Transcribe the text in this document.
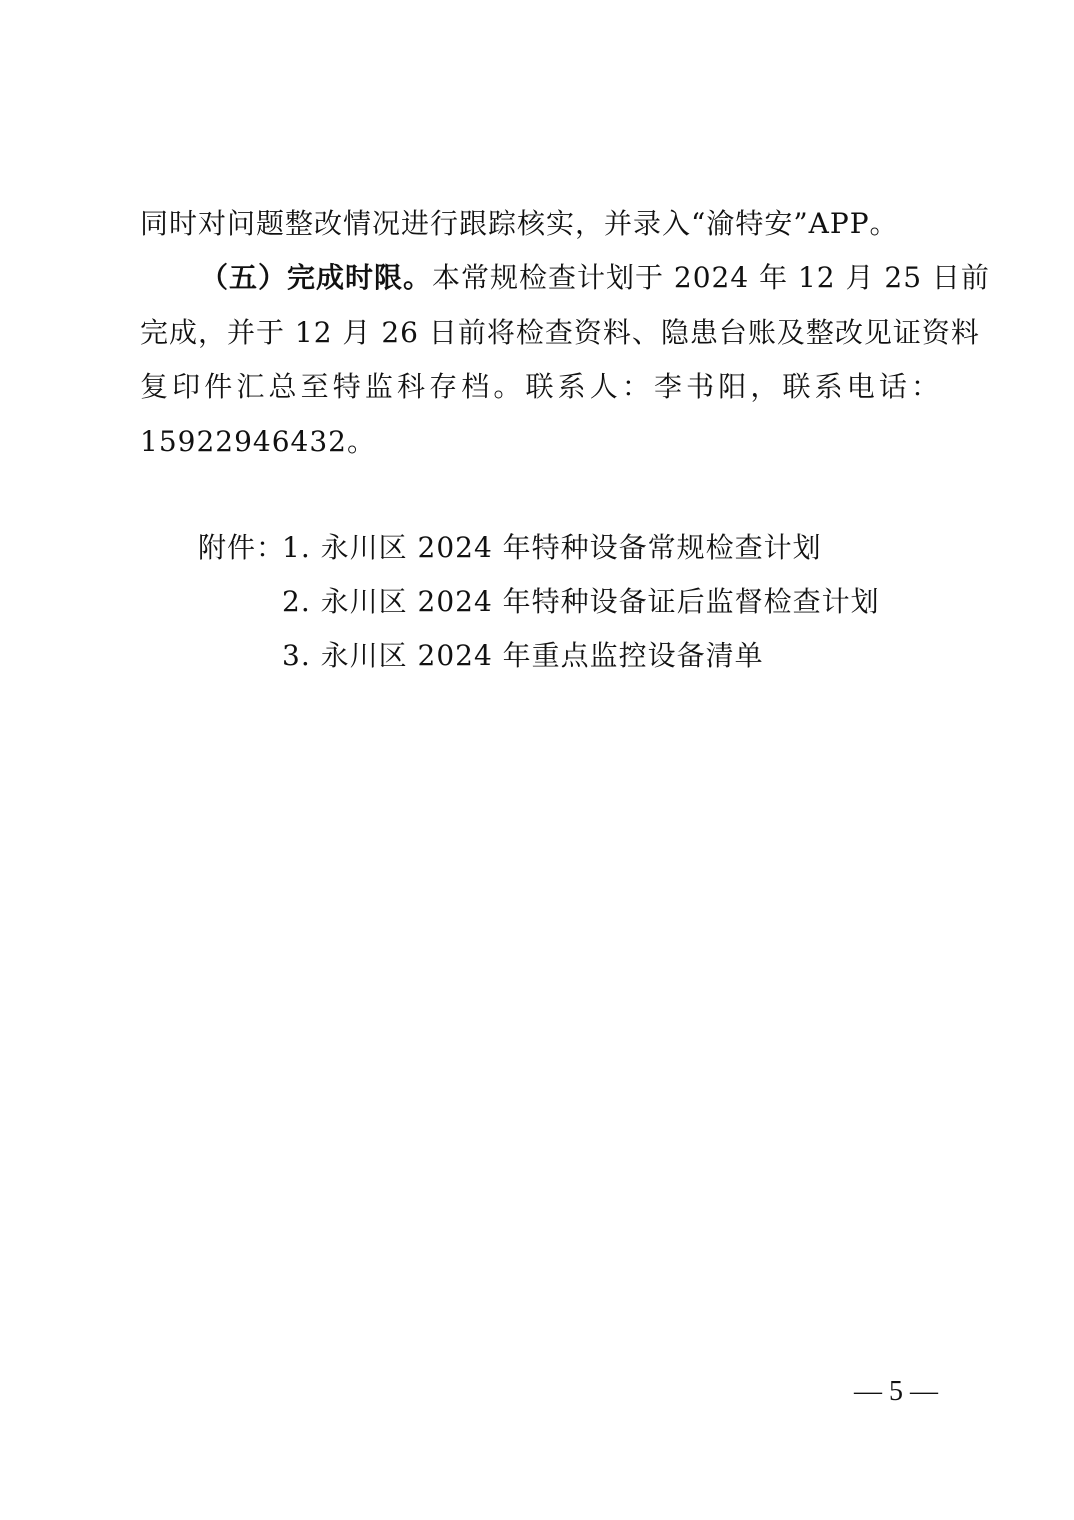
同时对问题整改情况进行跟踪核实，并录入“渝特安”APP。
（五）完成时限。本常规检查计划于 2024 年 12 月 25 日前
完成，并于 12 月 26 日前将检查资料、隐患台账及整改见证资料
复印件汇总至特监科存档。联系人：李书阳，联系电话：
15922946432。
附件：
1. 永川区 2024 年特种设备常规检查计划
2. 永川区 2024 年特种设备证后监督检查计划
3. 永川区 2024 年重点监控设备清单
— 5 —
